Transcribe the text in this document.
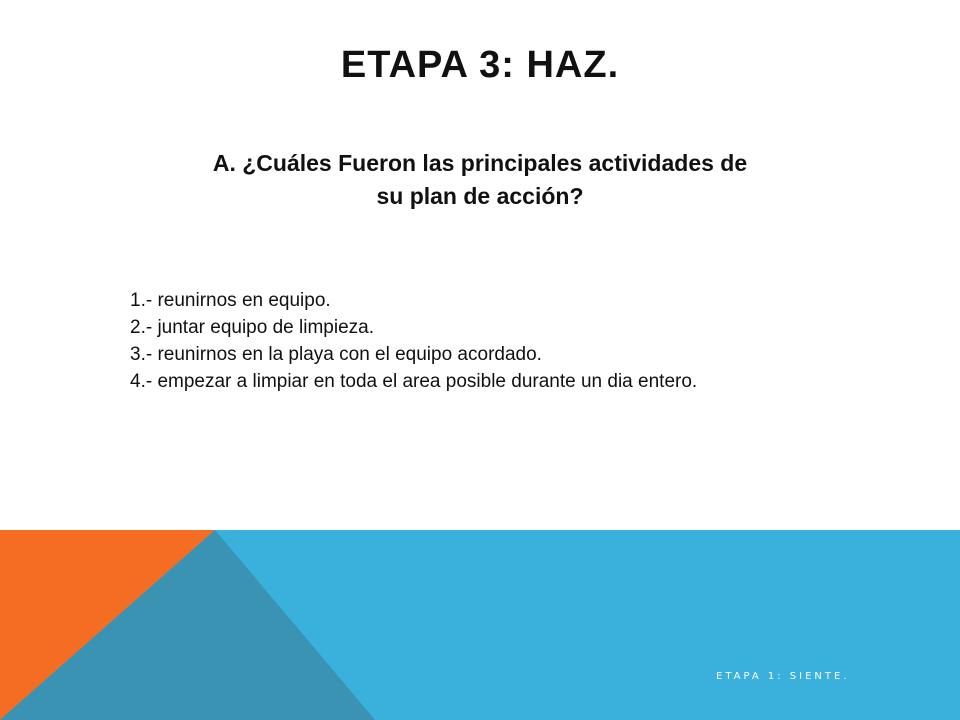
ETAPA 3: HAZ.
A. ¿Cuáles Fueron las principales actividades de
su plan de acción?
1.- reunirnos en equipo.
2.- juntar equipo de limpieza.
3.- reunirnos en la playa con el equipo acordado.
4.- empezar a limpiar en toda el area posible durante un dia entero.
ETAPA 1: SIENTE.
